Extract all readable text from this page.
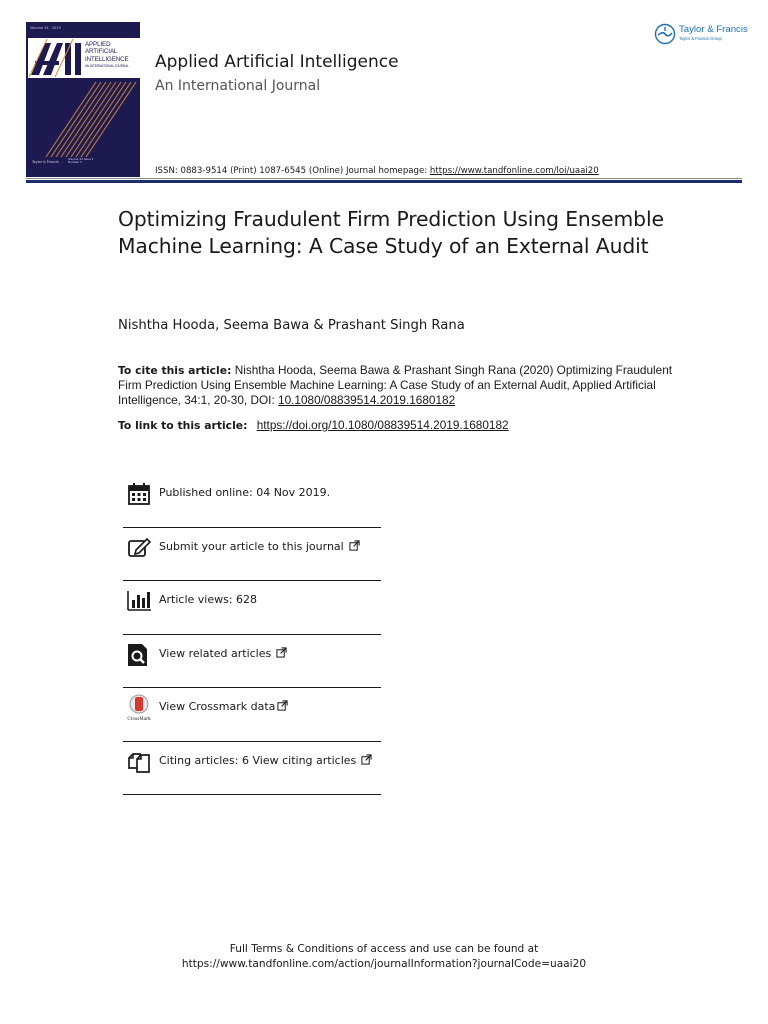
Volume 34 · 2019
APPLIED
ARTIFICIAL
INTELLIGENCE
AN INTERNATIONAL JOURNAL
Taylor & Francis
Volume 34 Issue 1
Number 1
Applied Artificial Intelligence
An International Journal
ISSN: 0883-9514 (Print) 1087-6545 (Online) Journal homepage: https://www.tandfonline.com/loi/uaai20
Taylor & Francis
Taylor & Francis Group
Optimizing Fraudulent Firm Prediction Using Ensemble Machine Learning: A Case Study of an External Audit
Nishtha Hooda, Seema Bawa & Prashant Singh Rana
To cite this article: Nishtha Hooda, Seema Bawa & Prashant Singh Rana (2020) Optimizing Fraudulent Firm Prediction Using Ensemble Machine Learning: A Case Study of an External Audit, Applied Artificial Intelligence, 34:1, 20-30, DOI: 10.1080/08839514.2019.1680182
To link to this article: https://doi.org/10.1080/08839514.2019.1680182
Published online: 04 Nov 2019.
Submit your article to this journal
Article views: 628
View related articles
CrossMark
View Crossmark data
Citing articles: 6 View citing articles
Full Terms & Conditions of access and use can be found at
https://www.tandfonline.com/action/journalInformation?journalCode=uaai20
